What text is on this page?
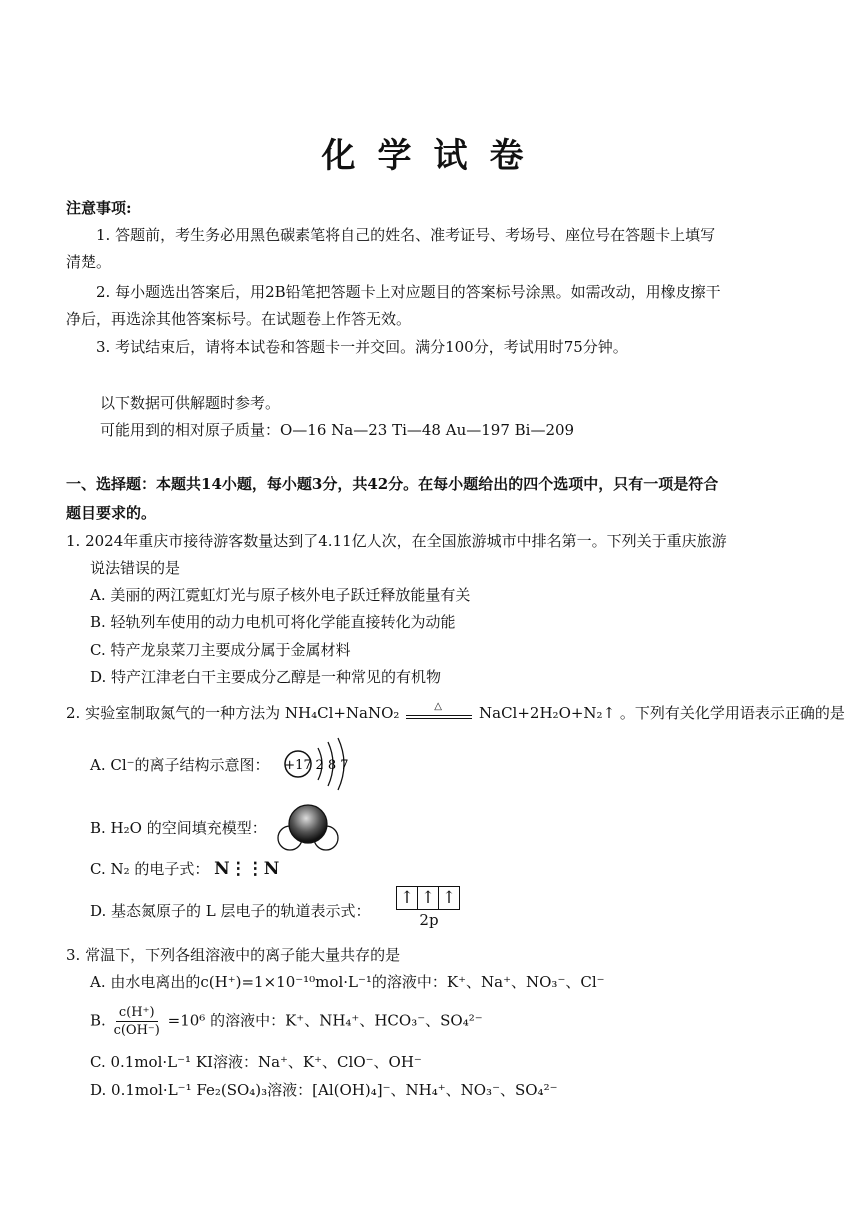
化学试卷
注意事项:
1. 答题前，考生务必用黑色碳素笔将自己的姓名、准考证号、考场号、座位号在答题卡上填写
清楚。
2. 每小题选出答案后，用2B铅笔把答题卡上对应题目的答案标号涂黑。如需改动，用橡皮擦干
净后，再选涂其他答案标号。在试题卷上作答无效。
3. 考试结束后，请将本试卷和答题卡一并交回。满分100分，考试用时75分钟。
以下数据可供解题时参考。
可能用到的相对原子质量：O—16 Na—23 Ti—48 Au—197 Bi—209
一、选择题：本题共14小题，每小题3分，共42分。在每小题给出的四个选项中，只有一项是符合
题目要求的。
1. 2024年重庆市接待游客数量达到了4.11亿人次，在全国旅游城市中排名第一。下列关于重庆旅游
说法错误的是
A. 美丽的两江霓虹灯光与原子核外电子跃迁释放能量有关
B. 轻轨列车使用的动力电机可将化学能直接转化为动能
C. 特产龙泉菜刀主要成分属于金属材料
D. 特产江津老白干主要成分乙醇是一种常见的有机物
2. 实验室制取氮气的一种方法为 NH₄Cl+NaNO₂	△ NaCl+2H₂O+N₂↑ 。下列有关化学用语表示正确的是
A. Cl⁻的离子结构示意图： +17 2 8 7
B. H₂O 的空间填充模型：
C. N₂ 的电子式： N⋮⋮N
D. 基态氮原子的 L 层电子的轨道表示式：
↑ ↑ ↑
2p
3. 常温下，下列各组溶液中的离子能大量共存的是
A. 由水电离出的c(H⁺)=1×10⁻¹⁰mol·L⁻¹的溶液中：K⁺、Na⁺、NO₃⁻、Cl⁻
B. $\frac{c(H^+)}{c(OH^-)} =10^6$ 的溶液中：K⁺、NH₄⁺、HCO₃⁻、SO₄²⁻
C. 0.1mol·L⁻¹ KI溶液：Na⁺、K⁺、ClO⁻、OH⁻
D. 0.1mol·L⁻¹ Fe₂(SO₄)₃溶液：[Al(OH)₄]⁻、NH₄⁺、NO₃⁻、SO₄²⁻
